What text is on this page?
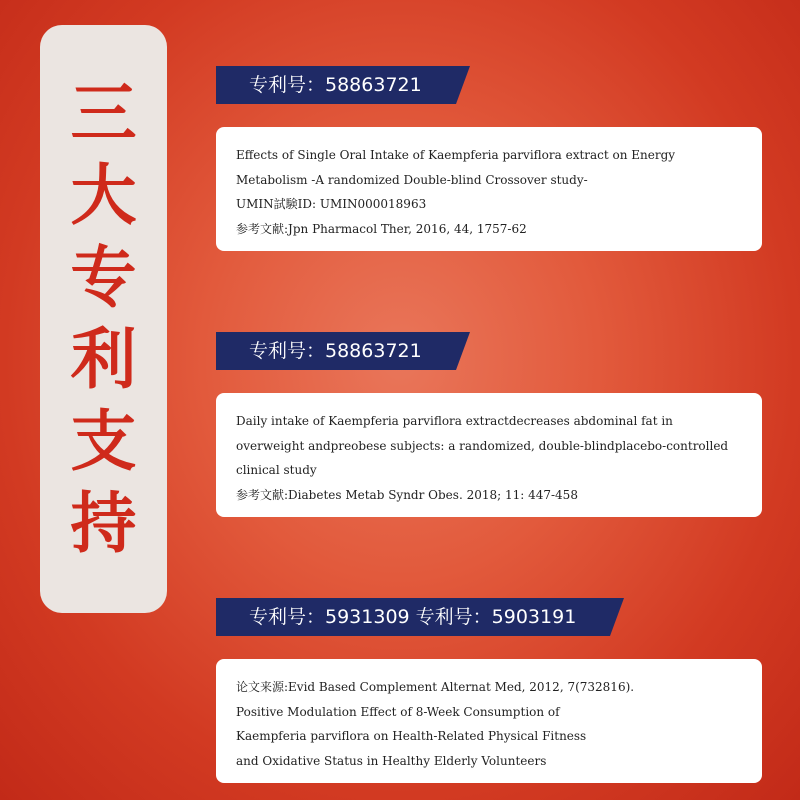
三
大
专
利
支
持
专利号：58863721
Effects of Single Oral Intake of Kaempferia parviflora extract on Energy
Metabolism -A randomized Double-blind Crossover study-
UMIN試験ID: UMIN000018963
参考文献:Jpn Pharmacol Ther, 2016, 44, 1757-62
专利号：58863721
Daily intake of Kaempferia parviflora extractdecreases abdominal fat in
overweight andpreobese subjects: a randomized, double-blindplacebo-controlled
clinical study
参考文献:Diabetes Metab Syndr Obes. 2018; 11: 447-458
专利号：5931309 专利号：5903191
论文来源:Evid Based Complement Alternat Med, 2012, 7(732816).
Positive Modulation Effect of 8-Week Consumption of
Kaempferia parviflora on Health-Related Physical Fitness
and Oxidative Status in Healthy Elderly Volunteers
